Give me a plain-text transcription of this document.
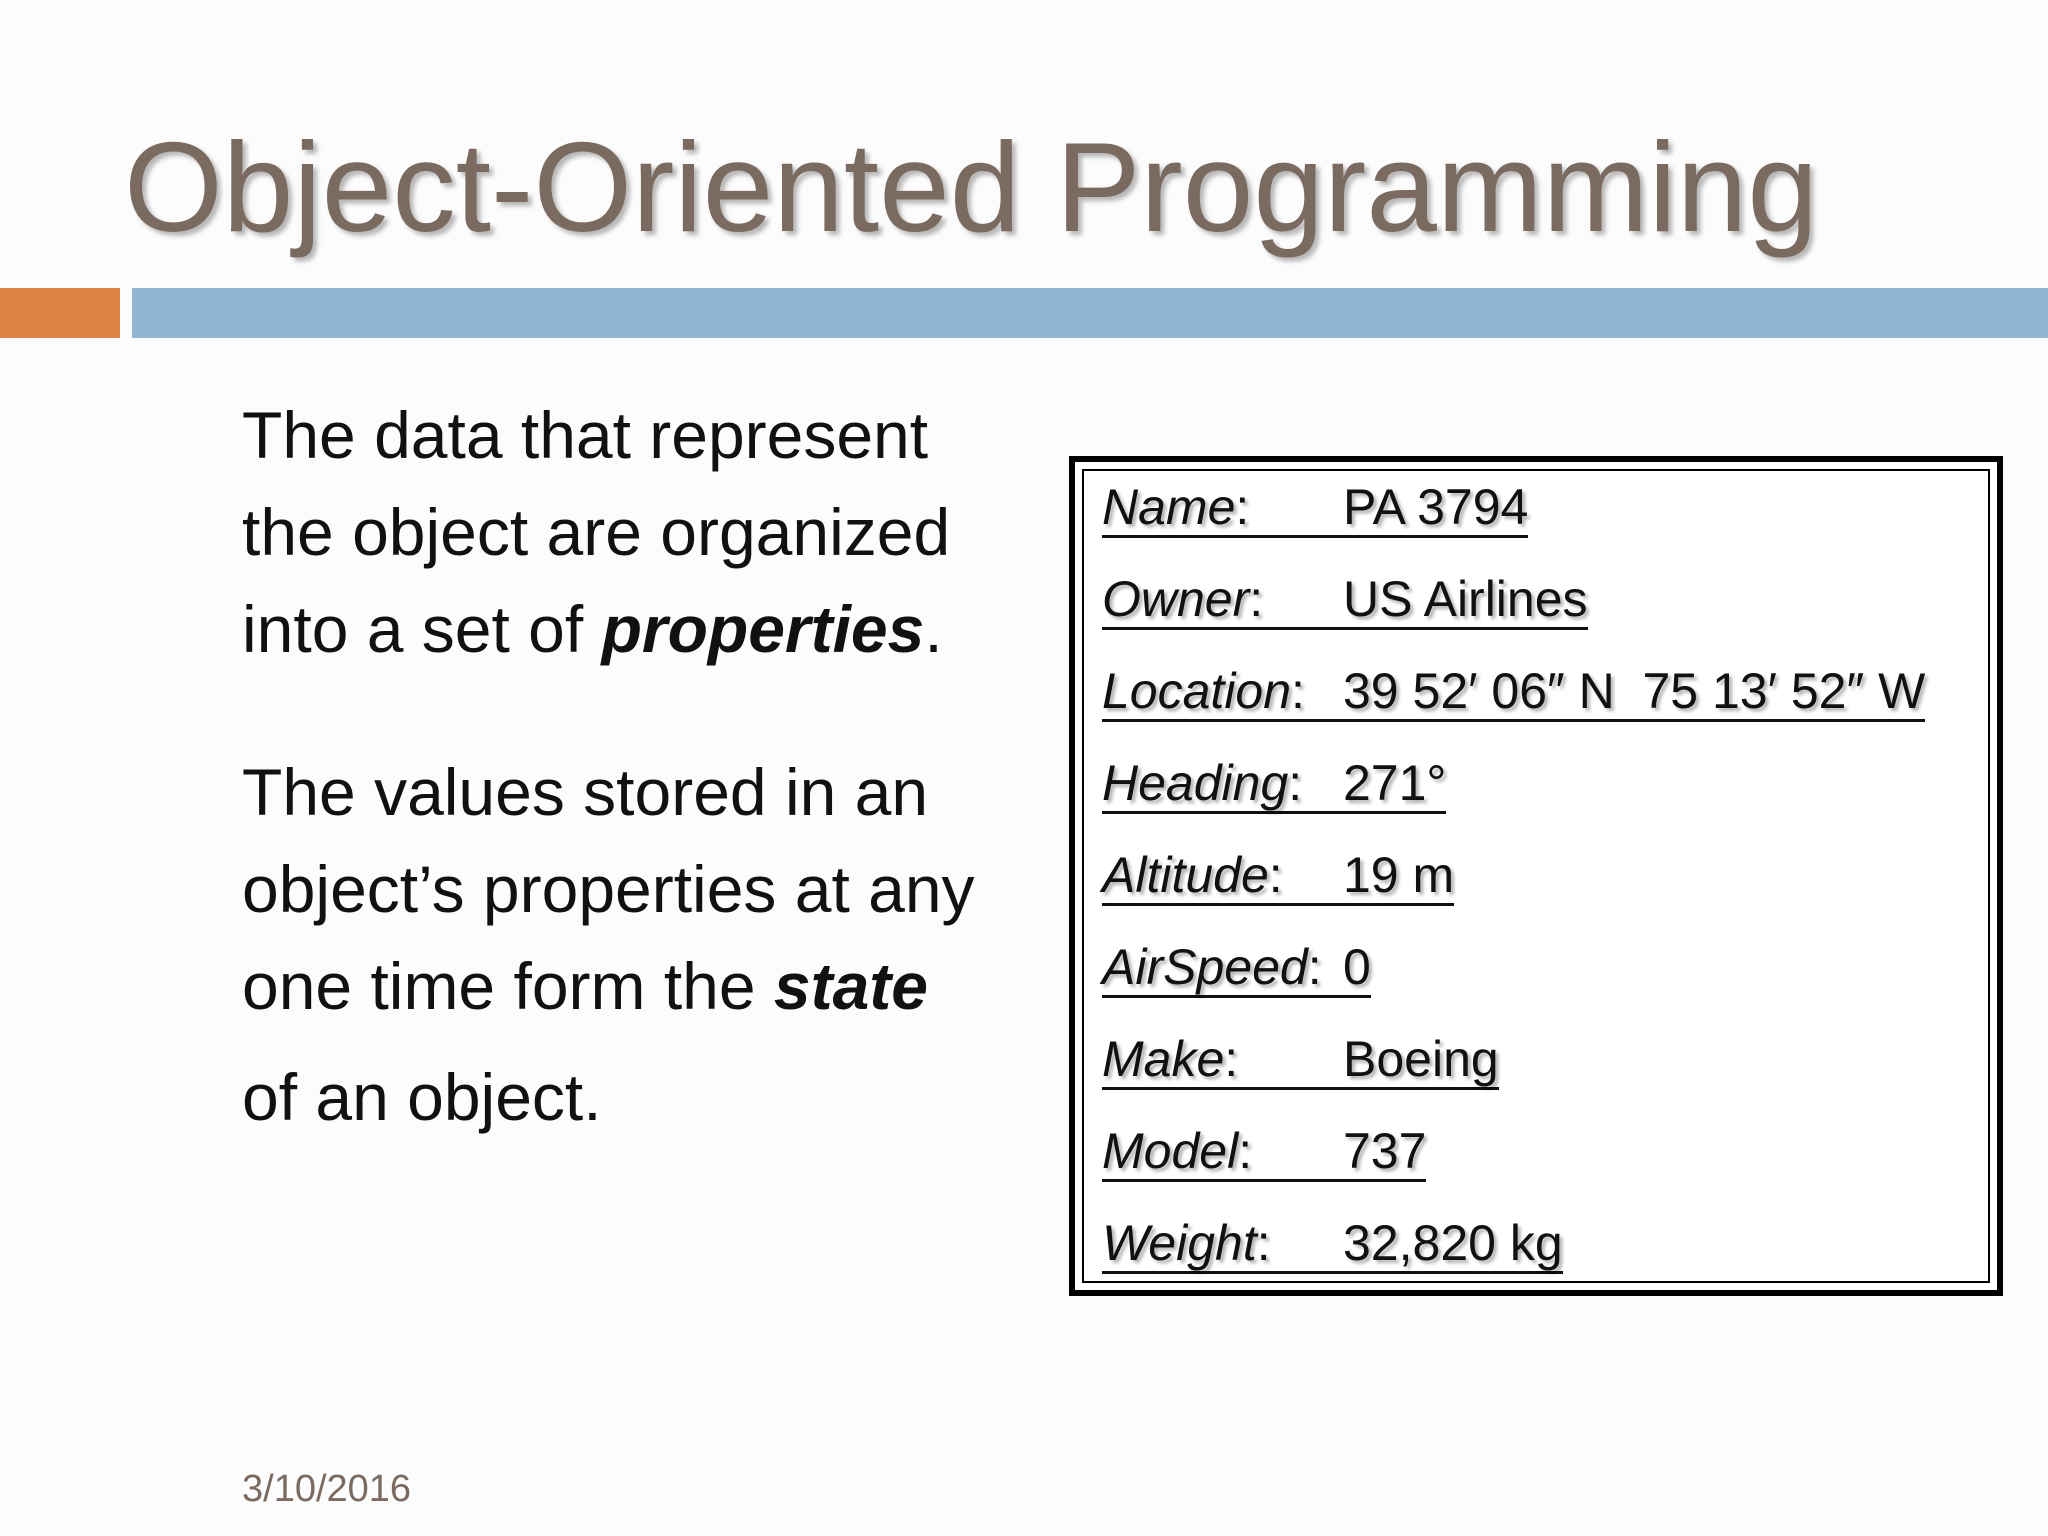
Object-Oriented Programming

The data that represent
the object are organized
into a set of properties.

The values stored in an
object’s properties at any
one time form the state
of an object.

Name: PA 3794
Owner: US Airlines
Location: 39 52′ 06″ N  75 13′ 52″ W
Heading: 271°
Altitude: 19 m
AirSpeed: 0
Make: Boeing
Model: 737
Weight: 32,820 kg
3/10/2016
